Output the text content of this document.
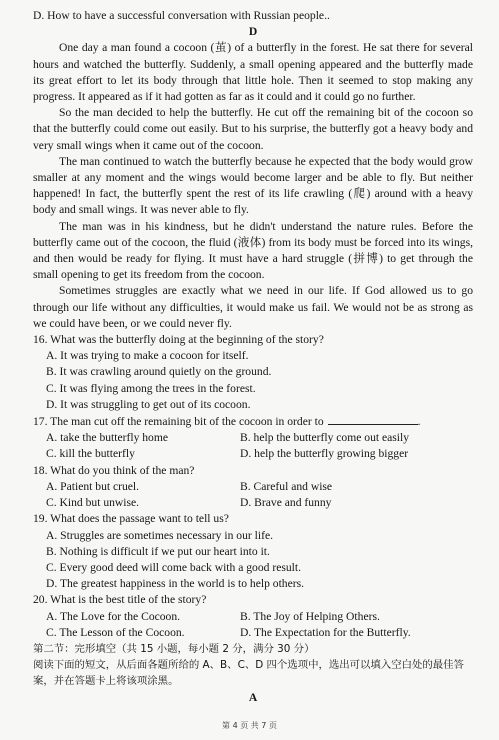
D. How to have a successful conversation with Russian people..
D

One day a man found a cocoon (茧) of a butterfly in the forest. He sat there for several hours and watched the butterfly. Suddenly, a small opening appeared and the butterfly made its great effort to let its body through that little hole. Then it seemed to stop making any progress. It appeared as if it had gotten as far as it could and it could go no further.

So the man decided to help the butterfly. He cut off the remaining bit of the cocoon so that the butterfly could come out easily. But to his surprise, the butterfly got a heavy body and very small wings when it came out of the cocoon.

The man continued to watch the butterfly because he expected that the body would grow smaller at any moment and the wings would become larger and be able to fly. But neither happened! In fact, the butterfly spent the rest of its life crawling (爬) around with a heavy body and small wings. It was never able to fly.

The man was in his kindness, but he didn't understand the nature rules. Before the butterfly came out of the cocoon, the fluid (液体) from its body must be forced into its wings, and then would be ready for flying. It must have a hard struggle (拼博) to get through the small opening to get its freedom from the cocoon.

Sometimes struggles are exactly what we need in our life. If God allowed us to go through our life without any difficulties, it would make us fail. We would not be as strong as we could have been, or we could never fly.

16. What was the butterfly doing at the beginning of the story?
A. It was trying to make a cocoon for itself.
B. It was crawling around quietly on the ground.
C. It was flying among the trees in the forest.
D. It was struggling to get out of its cocoon.
17. The man cut off the remaining bit of the cocoon in order to	.
A. take the butterfly home	B. help the butterfly come out easily
C. kill the butterfly	D. help the butterfly growing bigger
18. What do you think of the man?
A. Patient but cruel.	B. Careful and wise
C. Kind but unwise.	D. Brave and funny
19. What does the passage want to tell us?
A. Struggles are sometimes necessary in our life.
B. Nothing is difficult if we put our heart into it.
C. Every good deed will come back with a good result.
D. The greatest happiness in the world is to help others.
20. What is the best title of the story?
A. The Love for the Cocoon.	B. The Joy of Helping Others.
C. The Lesson of the Cocoon.	D. The Expectation for the Butterfly.
第二节：完形填空（共 15 小题，每小题 2 分，满分 30 分）
阅读下面的短文，从后面各题所给的 A、B、C、D 四个选项中，选出可以填入空白处的最佳答案，并在答题卡上将该项涂黑。
A
第 4 页 共 7 页
